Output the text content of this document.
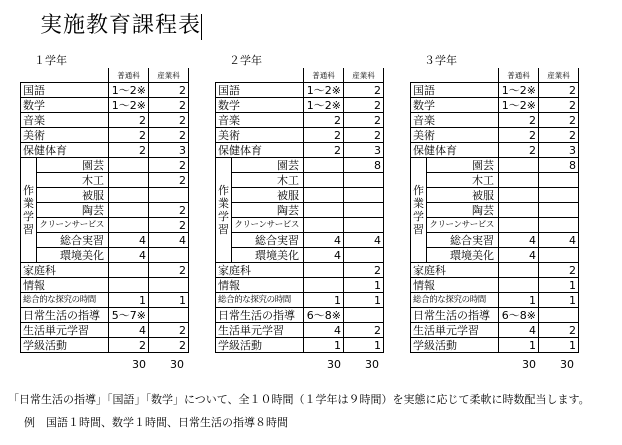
実施教育課程表
１学年
		普通科	産業科
国語		1～2※	2
数学		1～2※	2
音楽		2	2
美術		2	2
保健体育		2	3
作
業
学
習	園芸		2
	木工		2
	被服		
	陶芸		2
	クリーンサービス		2
	総合実習	4	4
	環境美化	4	
家庭科			2
情報			
総合的な探究の時間		1	1
日常生活の指導		5～7※	
生活単元学習		4	2
学級活動		2	2
30 30
２学年
		普通科	産業科
国語		1～2※	2
数学		1～2※	2
音楽		2	2
美術		2	2
保健体育		2	3
作
業
学
習	園芸		8
	木工		
	被服		
	陶芸		
	クリーンサービス		
	総合実習	4	4
	環境美化	4	
家庭科			2
情報			1
総合的な探究の時間		1	1
日常生活の指導		6～8※	
生活単元学習		4	2
学級活動		1	1
30 30
３学年
		普通科	産業科
国語		1～2※	2
数学		1～2※	2
音楽		2	2
美術		2	2
保健体育		2	3
作
業
学
習	園芸		8
	木工		
	被服		
	陶芸		
	クリーンサービス		
	総合実習	4	4
	環境美化	4	
家庭科			2
情報			1
総合的な探究の時間		1	1
日常生活の指導		6～8※	
生活単元学習		4	2
学級活動		1	1
30 30
「日常生活の指導」「国語」「数学」について、全１０時間（１学年は９時間）を実態に応じて柔軟に時数配当します。
例　国語１時間、数学１時間、日常生活の指導８時間
